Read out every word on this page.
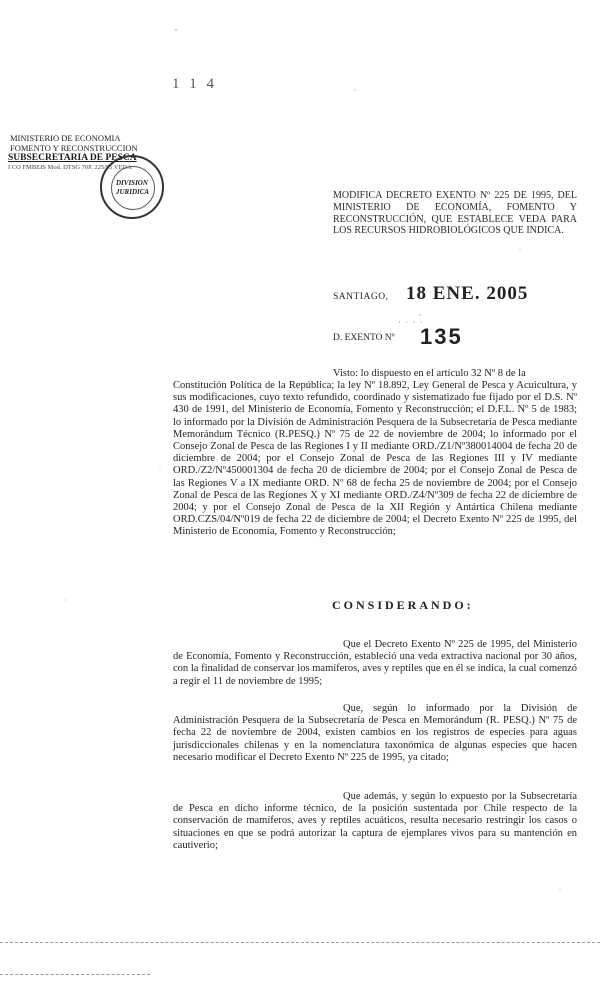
1 1 4
MINISTERIO DE ECONOMIA
FOMENTO Y RECONSTRUCCION
SUBSECRETARIA DE PESCA
I CO FMBEIS Mod. DTSG 70P. 225/95 VEDA
DIVISION
JURIDICA	MODIFICA DECRETO EXENTO Nº 225 DE 1995, DEL MINISTERIO DE ECONOMÍA, FOMENTO Y RECONSTRUCCIÓN, QUE ESTABLECE VEDA PARA LOS RECURSOS HIDROBIOLÓGICOS QUE INDICA.
SANTIAGO, 18 ENE. 2005
· · · ·
D. EXENTO Nº 135
Visto: lo dispuesto en el artículo 32 Nº 8 de la
Constitución Política de la República; la ley Nº 18.892, Ley General de Pesca y Acuicultura, y sus modificaciones, cuyo texto refundido, coordinado y sistematizado fue fijado por el D.S. Nº 430 de 1991, del Ministerio de Economía, Fomento y Reconstrucción; el D.F.L. Nº 5 de 1983; lo informado por la División de Administración Pesquera de la Subsecretaría de Pesca mediante Memorándum Técnico (R.PESQ.) Nº 75 de 22 de noviembre de 2004; lo informado por el Consejo Zonal de Pesca de las Regiones I y II mediante ORD./Z1/Nº380014004 de fecha 20 de diciembre de 2004; por el Consejo Zonal de Pesca de las Regiones III y IV mediante ORD./Z2/Nº450001304 de fecha 20 de diciembre de 2004; por el Consejo Zonal de Pesca de las Regiones V a IX mediante ORD. Nº 68 de fecha 25 de noviembre de 2004; por el Consejo Zonal de Pesca de las Regiones X y XI mediante ORD./Z4/Nº309 de fecha 22 de diciembre de 2004; y por el Consejo Zonal de Pesca de la XII Región y Antártica Chilena mediante ORD.CZS/04/Nº019 de fecha 22 de diciembre de 2004; el Decreto Exento Nº 225 de 1995, del Ministerio de Economía, Fomento y Reconstrucción;
CONSIDERANDO:
Que el Decreto Exento Nº 225 de 1995, del Ministerio de Economía, Fomento y Reconstrucción, estableció una veda extractiva nacional por 30 años, con la finalidad de conservar los mamíferos, aves y reptiles que en él se indica, la cual comenzó a regir el 11 de noviembre de 1995;
Que, según lo informado por la División de Administración Pesquera de la Subsecretaría de Pesca en Memorándum (R. PESQ.) Nº 75 de fecha 22 de noviembre de 2004, existen cambios en los registros de especies para aguas jurisdiccionales chilenas y en la nomenclatura taxonómica de algunas especies que hacen necesario modificar el Decreto Exento Nº 225 de 1995, ya citado;
Que además, y según lo expuesto por la Subsecretaría de Pesca en dicho informe técnico, de la posición sustentada por Chile respecto de la conservación de mamíferos, aves y reptiles acuáticos, resulta necesario restringir los casos o situaciones en que se podrá autorizar la captura de ejemplares vivos para su mantención en cautiverio;
